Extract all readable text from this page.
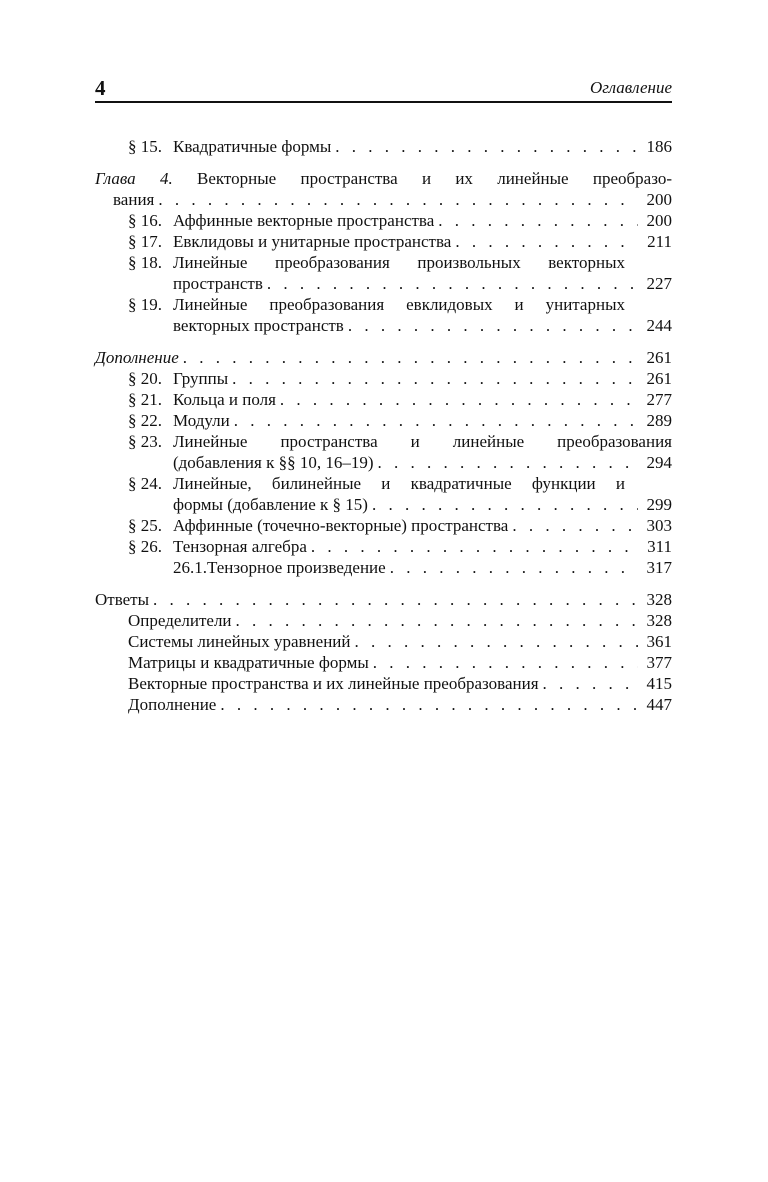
4	Оглавление
§ 15. Квадратичные формы . . .	186
Глава 4. Векторные пространства и их линейные преобразо-
вания . . .	200
§ 16. Аффинные векторные пространства . . .	200
§ 17. Евклидовы и унитарные пространства . . .	211
§ 18. Линейные преобразования произвольных векторных
пространств . . .	227
§ 19. Линейные преобразования евклидовых и унитарных
векторных пространств . . .	244
Дополнение . . .	261
§ 20. Группы . . .	261
§ 21. Кольца и поля . . .	277
§ 22. Модули . . .	289
§ 23. Линейные пространства и линейные преобразования
(добавления к §§ 10, 16–19) . . .	294
§ 24. Линейные, билинейные и квадратичные функции и
формы (добавление к § 15) . . .	299
§ 25. Аффинные (точечно-векторные) пространства . . .	303
§ 26. Тензорная алгебра . . .	311
26.1.Тензорное произведение . . .	317
Ответы . . .	328
Определители . . .	328
Системы линейных уравнений . . .	361
Матрицы и квадратичные формы . . .	377
Векторные пространства и их линейные преобразования . . .	415
Дополнение . . .	447
